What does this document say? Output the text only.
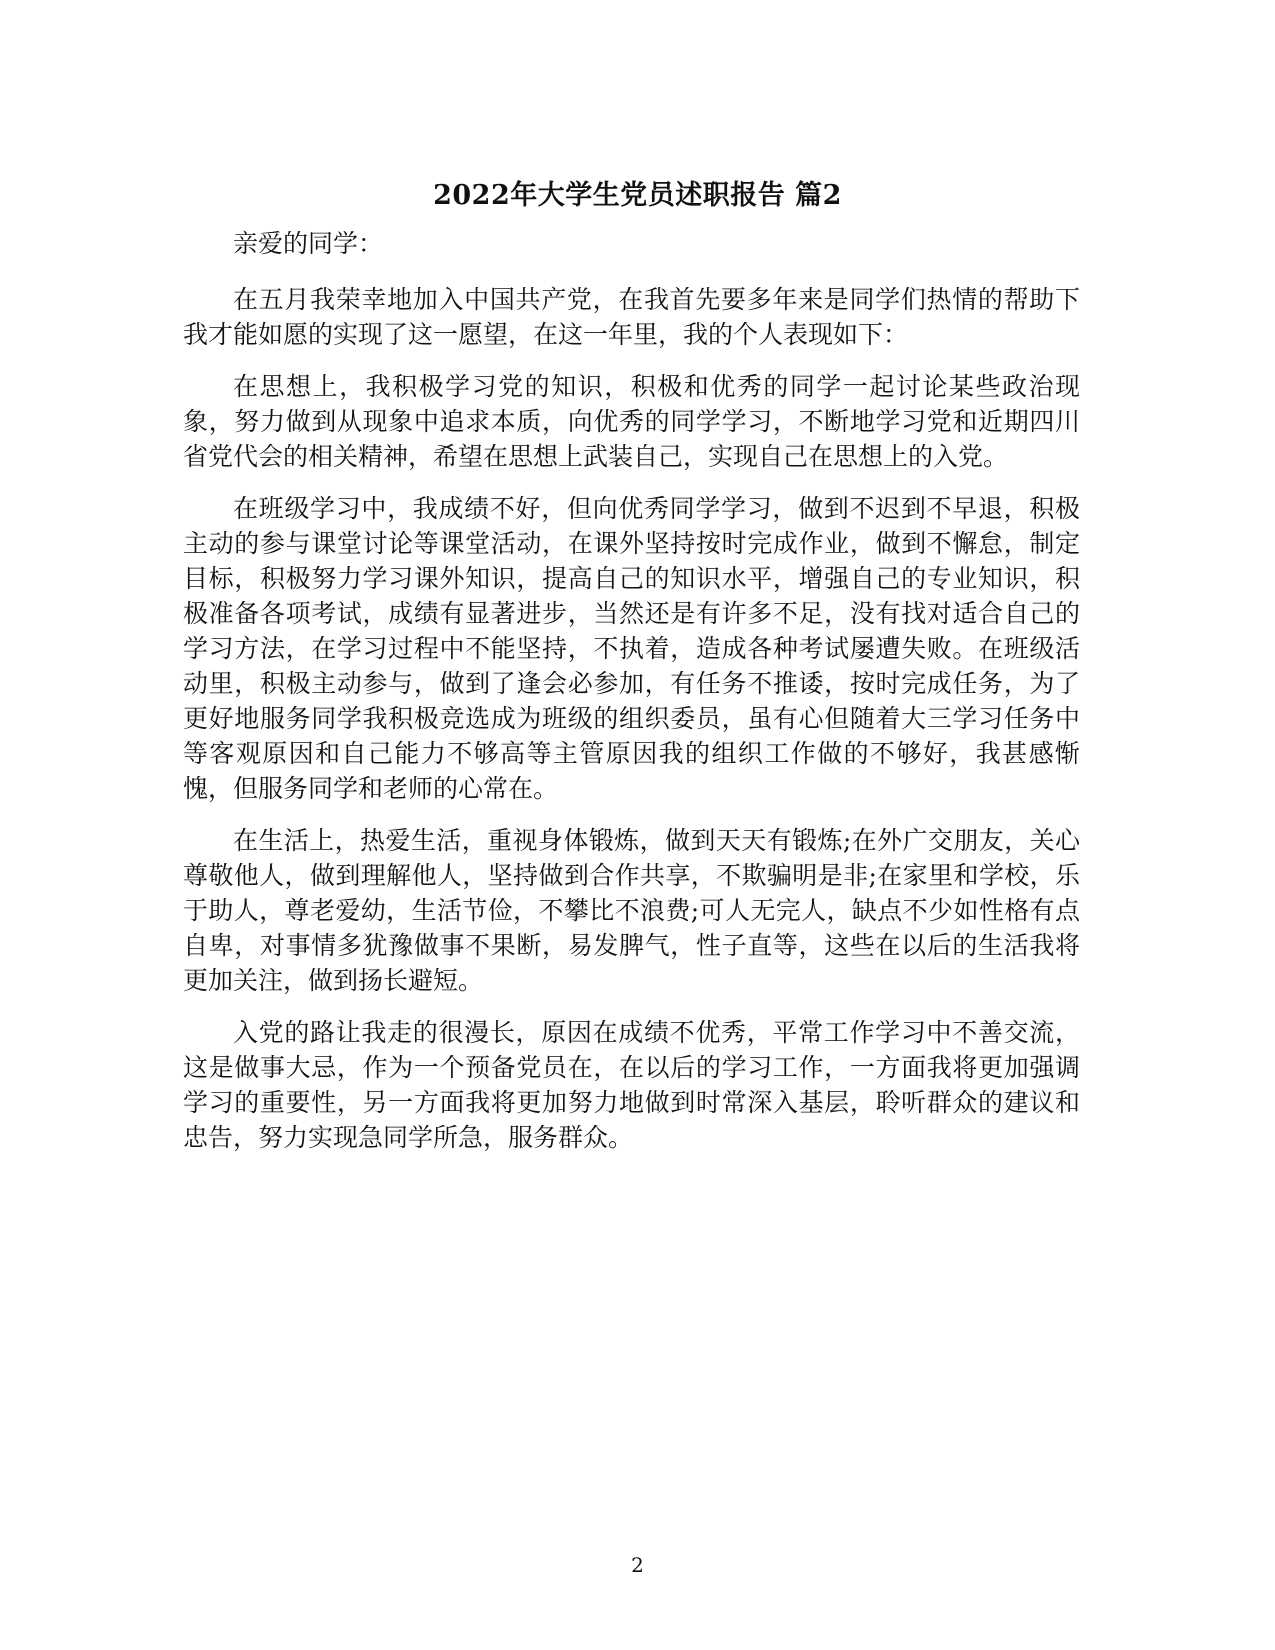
2022年大学生党员述职报告 篇2

亲爱的同学：

在五月我荣幸地加入中国共产党，在我首先要多年来是同学们热情的帮助下我才能如愿的实现了这一愿望，在这一年里，我的个人表现如下：

在思想上，我积极学习党的知识，积极和优秀的同学一起讨论某些政治现象，努力做到从现象中追求本质，向优秀的同学学习，不断地学习党和近期四川省党代会的相关精神，希望在思想上武装自己，实现自己在思想上的入党。

在班级学习中，我成绩不好，但向优秀同学学习，做到不迟到不早退，积极主动的参与课堂讨论等课堂活动，在课外坚持按时完成作业，做到不懈怠，制定目标，积极努力学习课外知识，提高自己的知识水平，增强自己的专业知识，积极准备各项考试，成绩有显著进步，当然还是有许多不足，没有找对适合自己的学习方法，在学习过程中不能坚持，不执着，造成各种考试屡遭失败。在班级活动里，积极主动参与，做到了逢会必参加，有任务不推诿，按时完成任务，为了更好地服务同学我积极竞选成为班级的组织委员，虽有心但随着大三学习任务中等客观原因和自己能力不够高等主管原因我的组织工作做的不够好，我甚感惭愧，但服务同学和老师的心常在。

在生活上，热爱生活，重视身体锻炼，做到天天有锻炼;在外广交朋友，关心尊敬他人，做到理解他人，坚持做到合作共享，不欺骗明是非;在家里和学校，乐于助人，尊老爱幼，生活节俭，不攀比不浪费;可人无完人，缺点不少如性格有点自卑，对事情多犹豫做事不果断，易发脾气，性子直等，这些在以后的生活我将更加关注，做到扬长避短。

入党的路让我走的很漫长，原因在成绩不优秀，平常工作学习中不善交流，这是做事大忌，作为一个预备党员在，在以后的学习工作，一方面我将更加强调学习的重要性，另一方面我将更加努力地做到时常深入基层，聆听群众的建议和忠告，努力实现急同学所急，服务群众。

2
